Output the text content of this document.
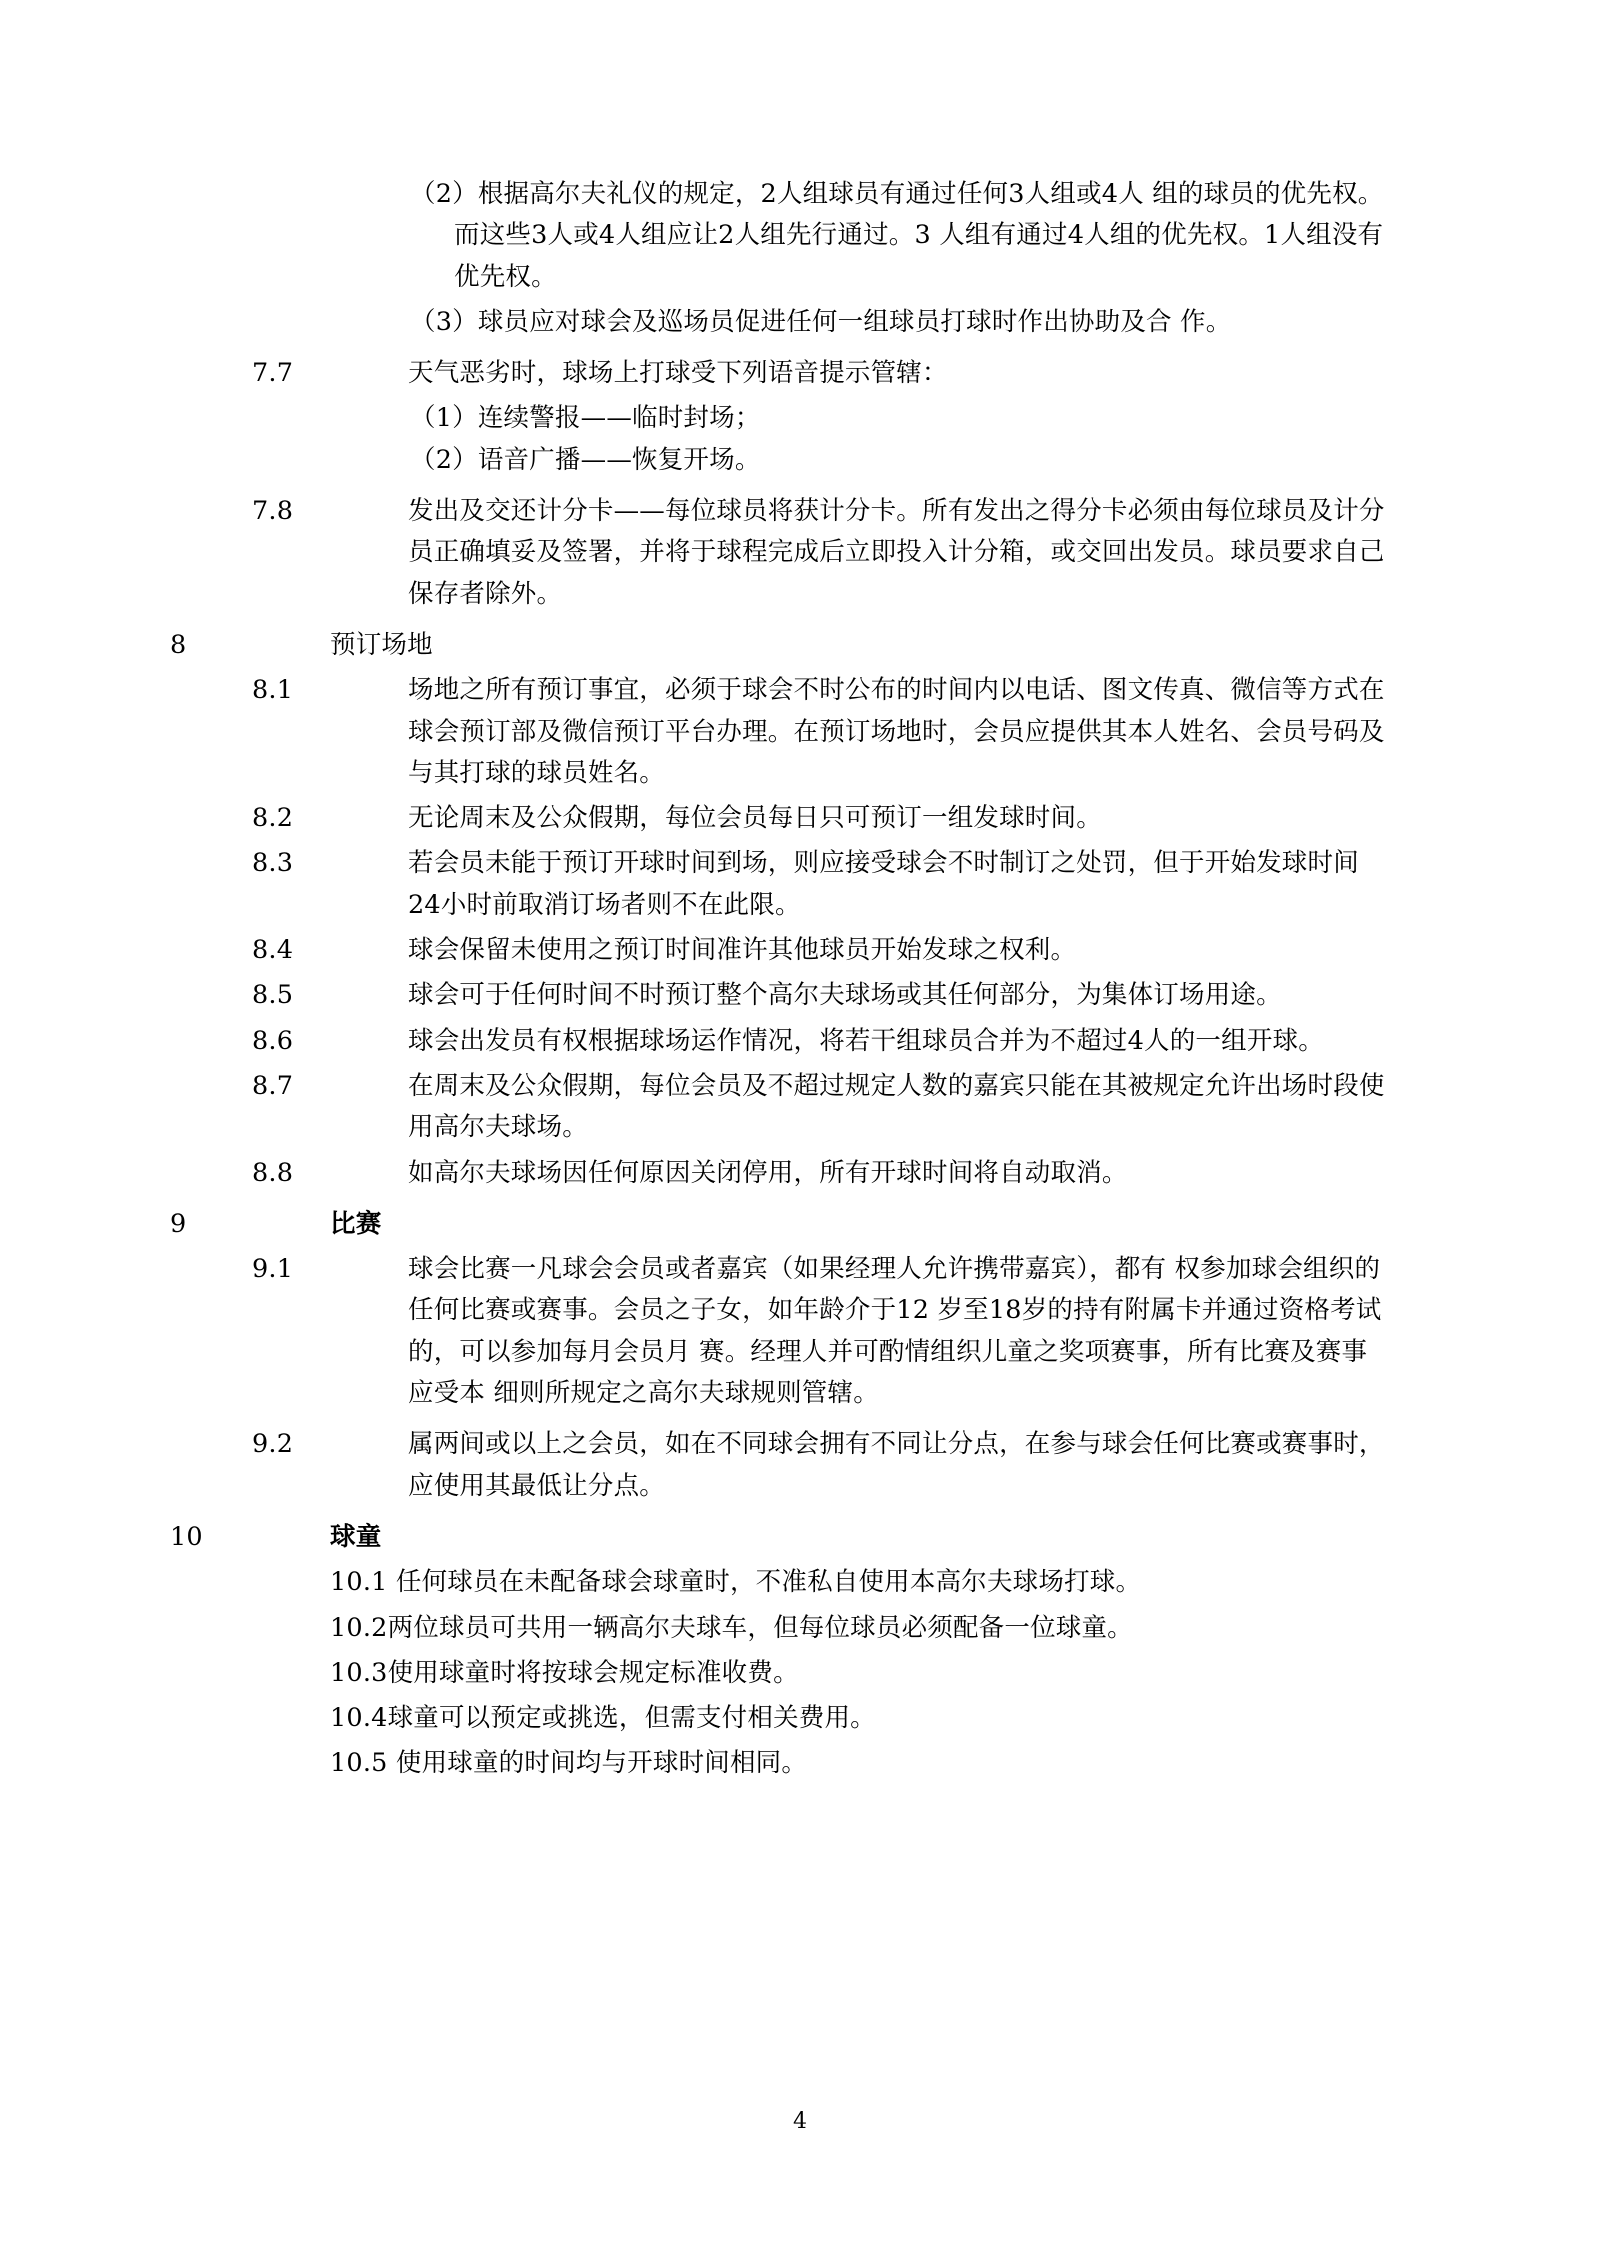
（2）根据高尔夫礼仪的规定，2人组球员有通过任何3人组或4人 组的球员的优先权。而这些3人或4人组应让2人组先行通过。3 人组有通过4人组的优先权。1人组没有优先权。
（3）球员应对球会及巡场员促进任何一组球员打球时作出协助及合 作。
7.7	天气恶劣时，球场上打球受下列语音提示管辖：
（1）连续警报——临时封场；
（2）语音广播——恢复开场。
7.8	发出及交还计分卡——每位球员将获计分卡。所有发出之得分卡必须由每位球员及计分员正确填妥及签署，并将于球程完成后立即投入计分箱，或交回出发员。球员要求自己保存者除外。
8	预订场地
8.1	场地之所有预订事宜，必须于球会不时公布的时间内以电话、图文传真、微信等方式在球会预订部及微信预订平台办理。在预订场地时，会员应提供其本人姓名、会员号码及与其打球的球员姓名。
8.2	无论周末及公众假期，每位会员每日只可预订一组发球时间。
8.3	若会员未能于预订开球时间到场，则应接受球会不时制订之处罚，但于开始发球时间24小时前取消订场者则不在此限。
8.4	球会保留未使用之预订时间准许其他球员开始发球之权利。
8.5	球会可于任何时间不时预订整个高尔夫球场或其任何部分，为集体订场用途。
8.6	球会出发员有权根据球场运作情况，将若干组球员合并为不超过4人的一组开球。
8.7	在周末及公众假期，每位会员及不超过规定人数的嘉宾只能在其被规定允许出场时段使用高尔夫球场。
8.8	如高尔夫球场因任何原因关闭停用，所有开球时间将自动取消。
9	比赛
9.1	球会比赛一凡球会会员或者嘉宾（如果经理人允许携带嘉宾），都有 权参加球会组织的任何比赛或赛事。会员之子女，如年龄介于12 岁至18岁的持有附属卡并通过资格考试的，可以参加每月会员月 赛。经理人并可酌情组织儿童之奖项赛事，所有比赛及赛事应受本 细则所规定之高尔夫球规则管辖。
9.2	属两间或以上之会员，如在不同球会拥有不同让分点，在参与球会任何比赛或赛事时，应使用其最低让分点。
10	球童
10.1 任何球员在未配备球会球童时，不准私自使用本高尔夫球场打球。
10.2两位球员可共用一辆高尔夫球车，但每位球员必须配备一位球童。
10.3使用球童时将按球会规定标准收费。
10.4球童可以预定或挑选，但需支付相关费用。
10.5 使用球童的时间均与开球时间相同。
4
